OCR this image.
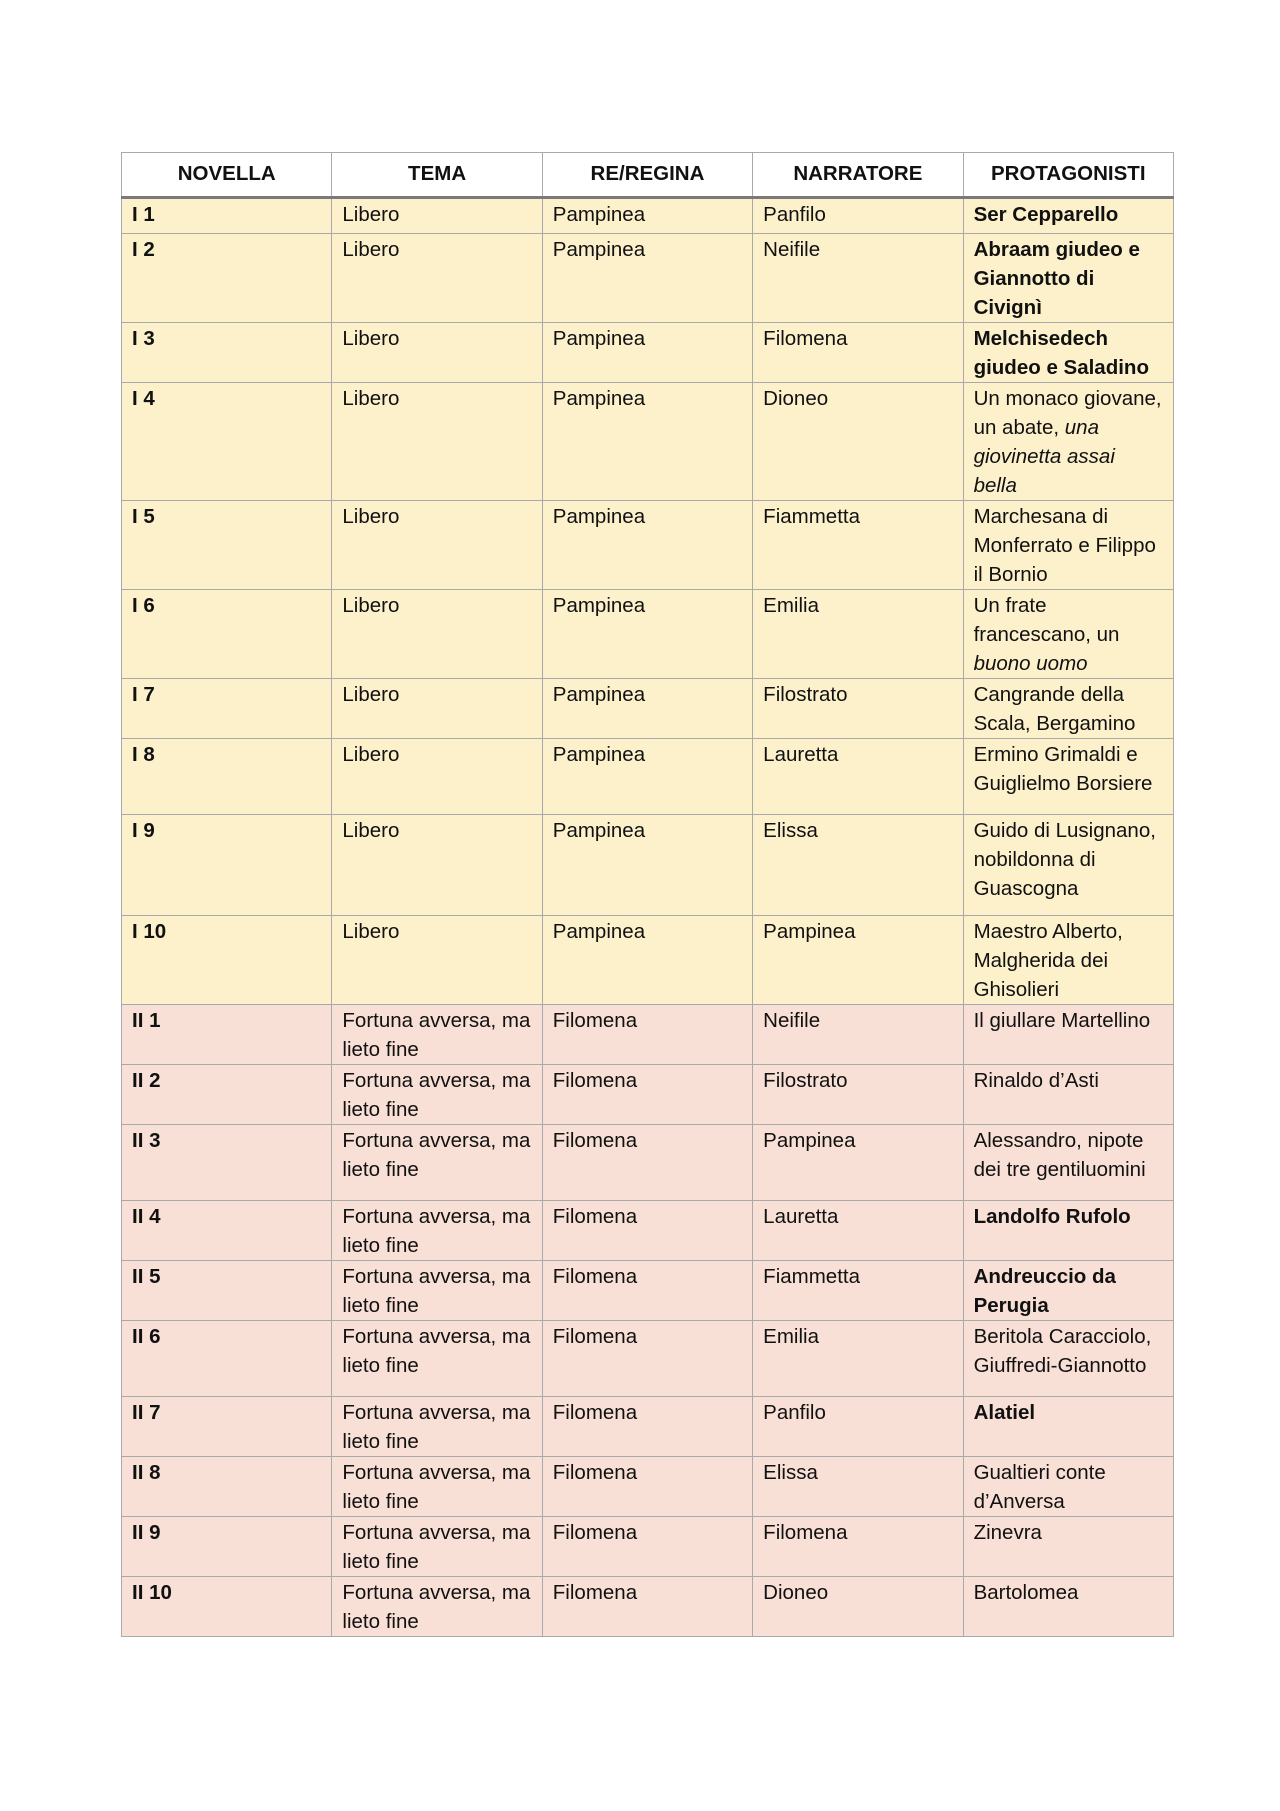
NOVELLA	TEMA	RE/REGINA	NARRATORE	PROTAGONISTI
I 1	Libero	Pampinea	Panfilo	Ser Cepparello
I 2	Libero	Pampinea	Neifile	Abraam giudeo e Giannotto di Civignì
I 3	Libero	Pampinea	Filomena	Melchisedech giudeo e Saladino
I 4	Libero	Pampinea	Dioneo	Un monaco giovane, un abate, una giovinetta assai bella
I 5	Libero	Pampinea	Fiammetta	Marchesana di Monferrato e Filippo il Bornio
I 6	Libero	Pampinea	Emilia	Un frate francescano, un buono uomo
I 7	Libero	Pampinea	Filostrato	Cangrande della Scala, Bergamino
I 8	Libero	Pampinea	Lauretta	Ermino Grimaldi e Guiglielmo Borsiere
I 9	Libero	Pampinea	Elissa	Guido di Lusignano, nobildonna di Guascogna
I 10	Libero	Pampinea	Pampinea	Maestro Alberto, Malgherida dei Ghisolieri
II 1	Fortuna avversa, ma lieto fine	Filomena	Neifile	Il giullare Martellino
II 2	Fortuna avversa, ma lieto fine	Filomena	Filostrato	Rinaldo d’Asti
II 3	Fortuna avversa, ma lieto fine	Filomena	Pampinea	Alessandro, nipote dei tre gentiluomini
II 4	Fortuna avversa, ma lieto fine	Filomena	Lauretta	Landolfo Rufolo
II 5	Fortuna avversa, ma lieto fine	Filomena	Fiammetta	Andreuccio da Perugia
II 6	Fortuna avversa, ma lieto fine	Filomena	Emilia	Beritola Caracciolo, Giuffredi-Giannotto
II 7	Fortuna avversa, ma lieto fine	Filomena	Panfilo	Alatiel
II 8	Fortuna avversa, ma lieto fine	Filomena	Elissa	Gualtieri conte d’Anversa
II 9	Fortuna avversa, ma lieto fine	Filomena	Filomena	Zinevra
II 10	Fortuna avversa, ma lieto fine	Filomena	Dioneo	Bartolomea
